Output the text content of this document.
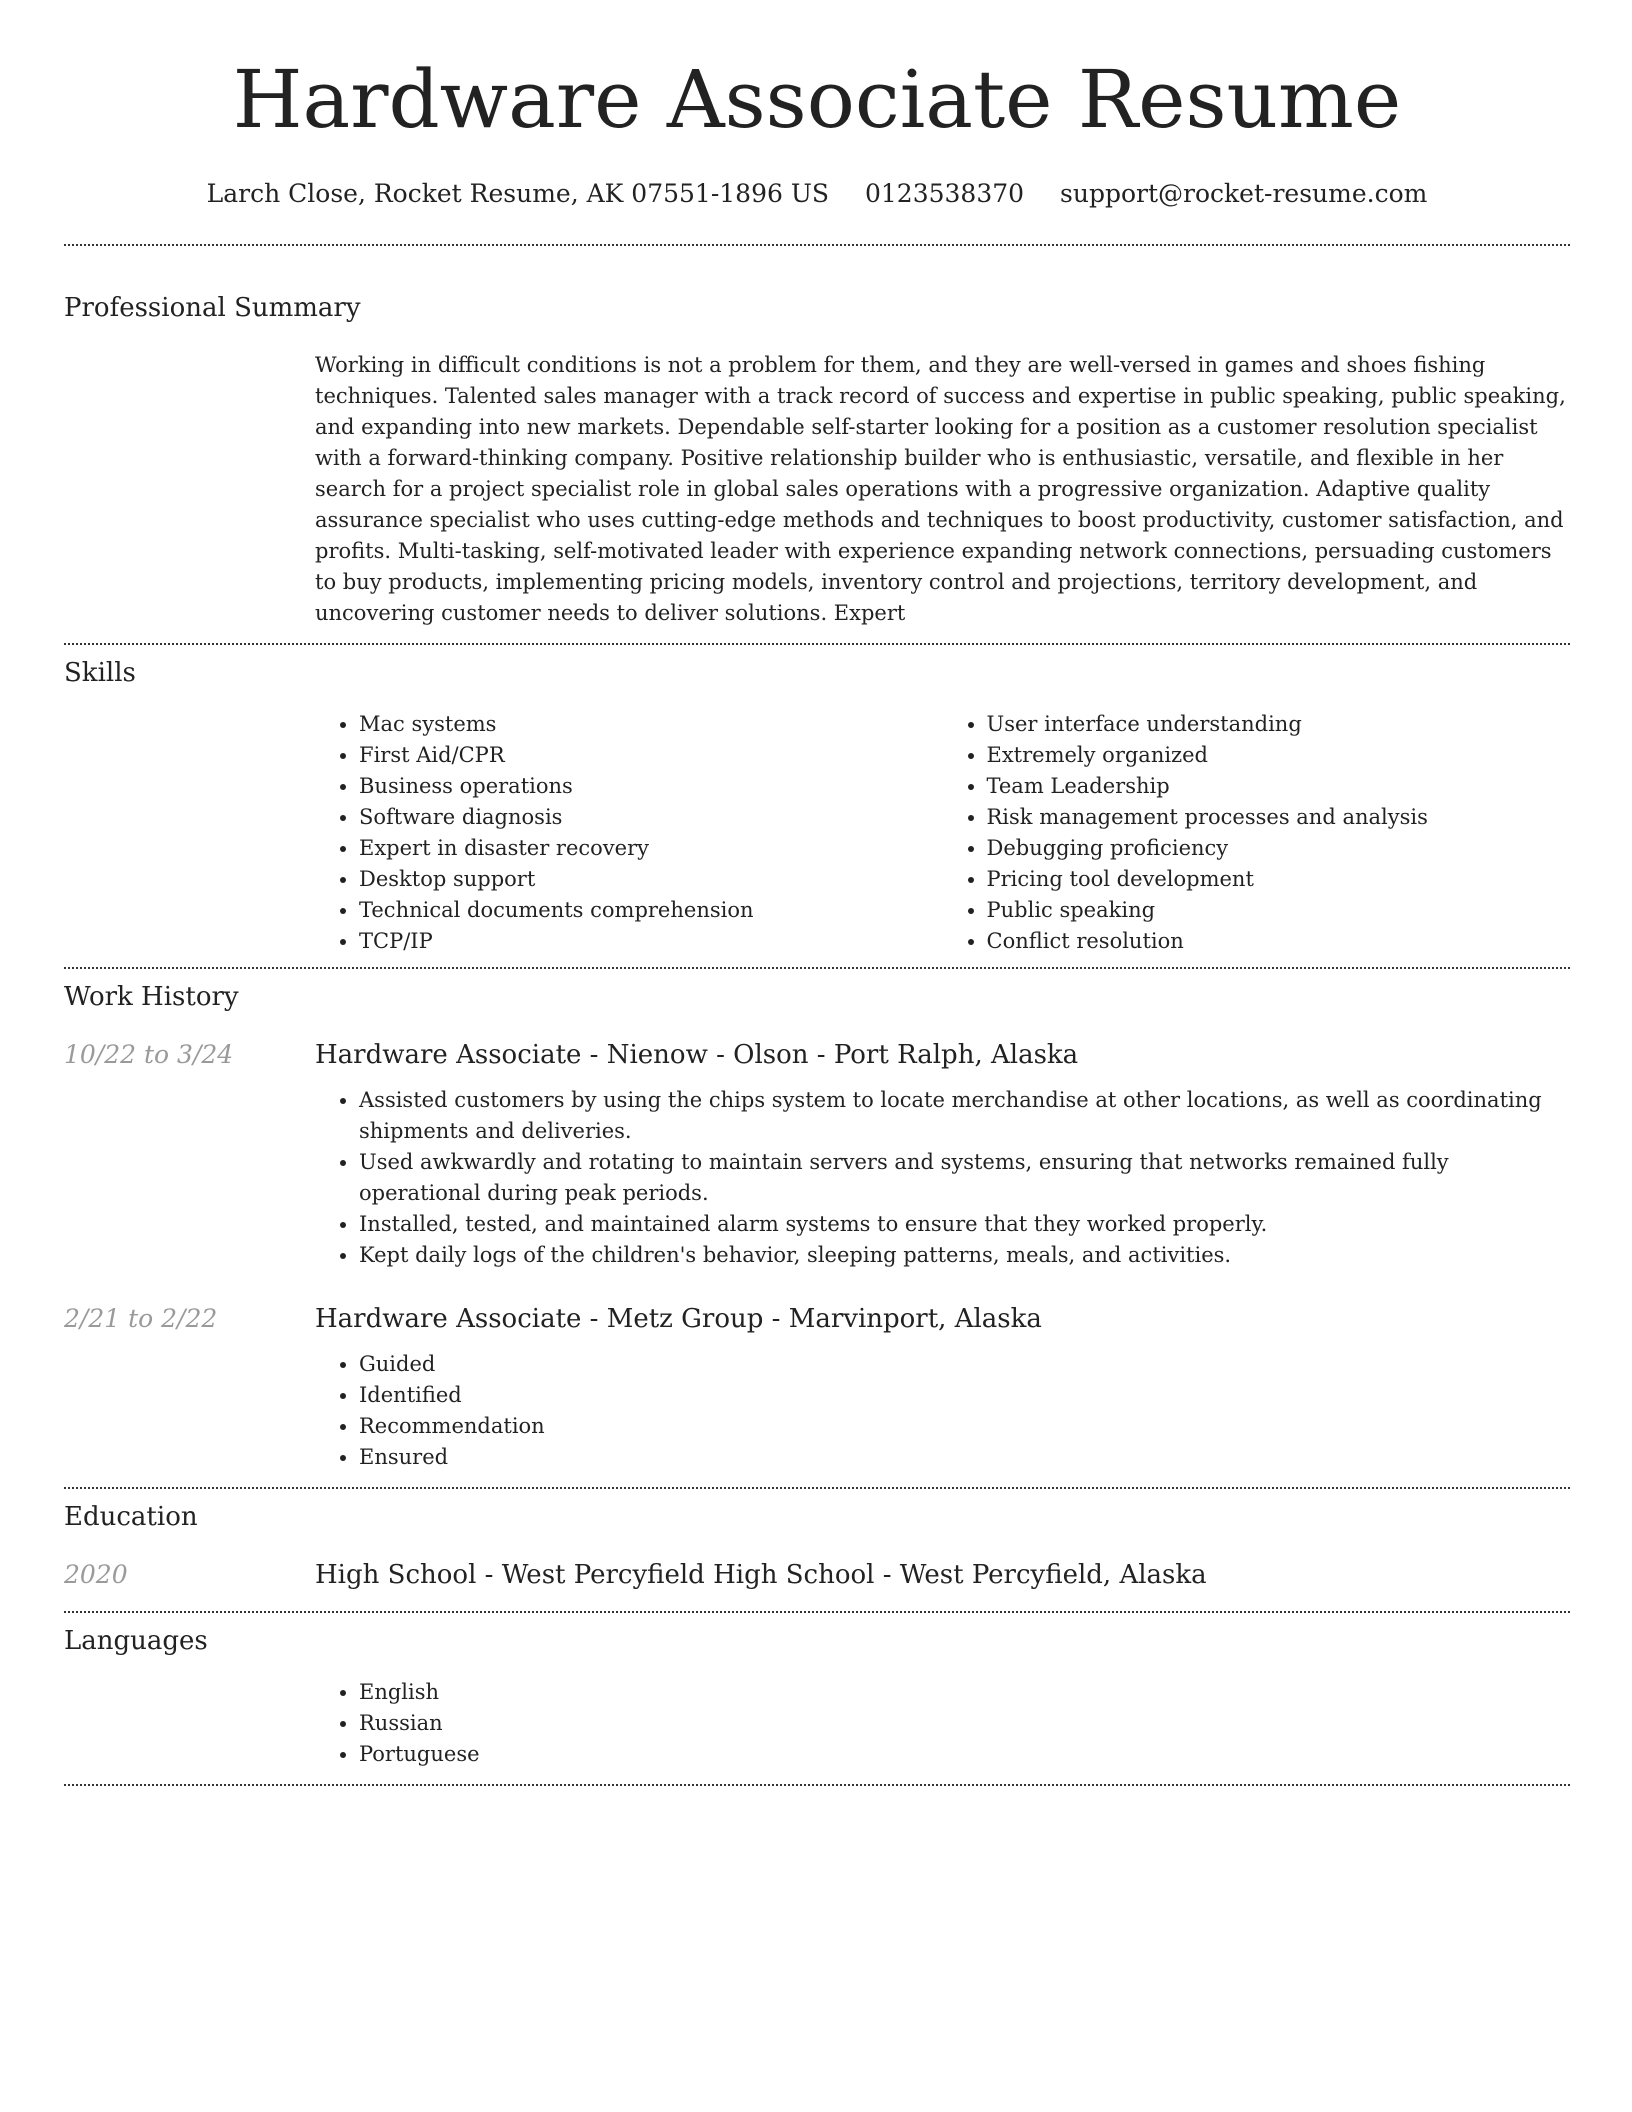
Hardware Associate Resume
Larch Close, Rocket Resume, AK 07551-1896 US 0123538370 support@rocket-resume.com
Professional Summary
Working in difficult conditions is not a problem for them, and they are well-versed in games and shoes fishing techniques. Talented sales manager with a track record of success and expertise in public speaking, public speaking, and expanding into new markets. Dependable self-starter looking for a position as a customer resolution specialist with a forward-thinking company. Positive relationship builder who is enthusiastic, versatile, and flexible in her search for a project specialist role in global sales operations with a progressive organization. Adaptive quality assurance specialist who uses cutting-edge methods and techniques to boost productivity, customer satisfaction, and profits. Multi-tasking, self-motivated leader with experience expanding network connections, persuading customers to buy products, implementing pricing models, inventory control and projections, territory development, and uncovering customer needs to deliver solutions. Expert
Skills
• Mac systems
• First Aid/CPR
• Business operations
• Software diagnosis
• Expert in disaster recovery
• Desktop support
• Technical documents comprehension
• TCP/IP
• User interface understanding
• Extremely organized
• Team Leadership
• Risk management processes and analysis
• Debugging proficiency
• Pricing tool development
• Public speaking
• Conflict resolution
Work History
10/22 to 3/24	Hardware Associate - Nienow - Olson - Port Ralph, Alaska
• Assisted customers by using the chips system to locate merchandise at other locations, as well as coordinating shipments and deliveries.
• Used awkwardly and rotating to maintain servers and systems, ensuring that networks remained fully operational during peak periods.
• Installed, tested, and maintained alarm systems to ensure that they worked properly.
• Kept daily logs of the children's behavior, sleeping patterns, meals, and activities.
2/21 to 2/22	Hardware Associate - Metz Group - Marvinport, Alaska
• Guided
• Identified
• Recommendation
• Ensured
Education
2020	High School - West Percyfield High School - West Percyfield, Alaska
Languages
• English
• Russian
• Portuguese
